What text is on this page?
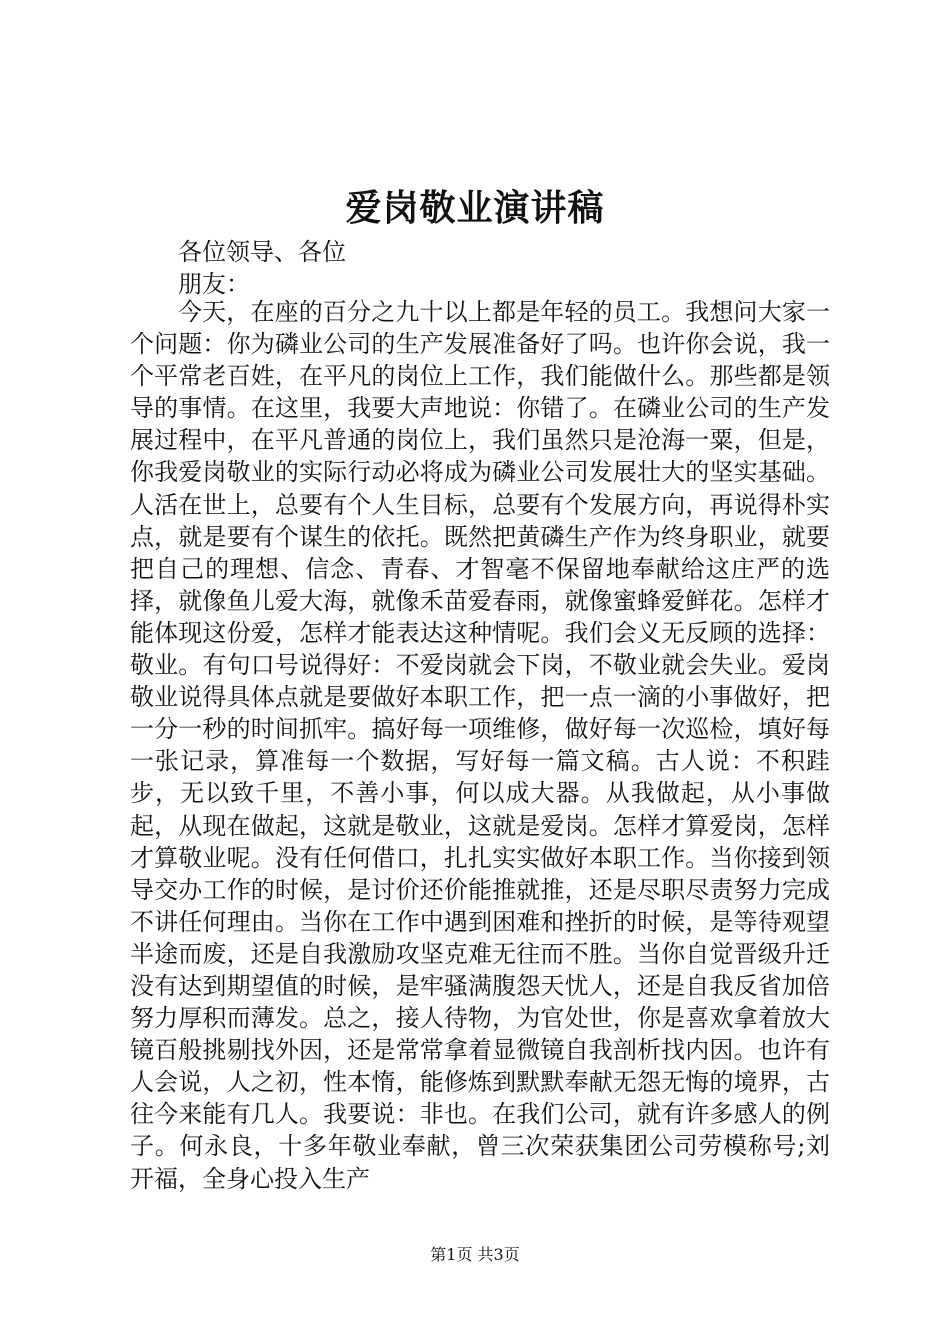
爱岗敬业演讲稿
各位领导、各位
朋友：

今天，在座的百分之九十以上都是年轻的员工。我想问大家一个问题：你为磷业公司的生产发展准备好了吗。也许你会说，我一个平常老百姓，在平凡的岗位上工作，我们能做什么。那些都是领导的事情。在这里，我要大声地说：你错了。在磷业公司的生产发展过程中，在平凡普通的岗位上，我们虽然只是沧海一粟，但是，你我爱岗敬业的实际行动必将成为磷业公司发展壮大的坚实基础。人活在世上，总要有个人生目标，总要有个发展方向，再说得朴实点，就是要有个谋生的依托。既然把黄磷生产作为终身职业，就要把自己的理想、信念、青春、才智毫不保留地奉献给这庄严的选择，就像鱼儿爱大海，就像禾苗爱春雨，就像蜜蜂爱鲜花。怎样才能体现这份爱，怎样才能表达这种情呢。我们会义无反顾的选择：敬业。有句口号说得好：不爱岗就会下岗，不敬业就会失业。爱岗敬业说得具体点就是要做好本职工作，把一点一滴的小事做好，把一分一秒的时间抓牢。搞好每一项维修，做好每一次巡检，填好每一张记录，算准每一个数据，写好每一篇文稿。古人说：不积跬步，无以致千里，不善小事，何以成大器。从我做起，从小事做起，从现在做起，这就是敬业，这就是爱岗。怎样才算爱岗，怎样才算敬业呢。没有任何借口，扎扎实实做好本职工作。当你接到领导交办工作的时候，是讨价还价能推就推，还是尽职尽责努力完成不讲任何理由。当你在工作中遇到困难和挫折的时候，是等待观望半途而废，还是自我激励攻坚克难无往而不胜。当你自觉晋级升迁没有达到期望值的时候，是牢骚满腹怨天忧人，还是自我反省加倍努力厚积而薄发。总之，接人待物，为官处世，你是喜欢拿着放大镜百般挑剔找外因，还是常常拿着显微镜自我剖析找内因。也许有人会说，人之初，性本惰，能修炼到默默奉献无怨无悔的境界，古往今来能有几人。我要说：非也。在我们公司，就有许多感人的例子。何永良，十多年敬业奉献，曾三次荣获集团公司劳模称号;刘开福，全身心投入生产

第1页 共3页
